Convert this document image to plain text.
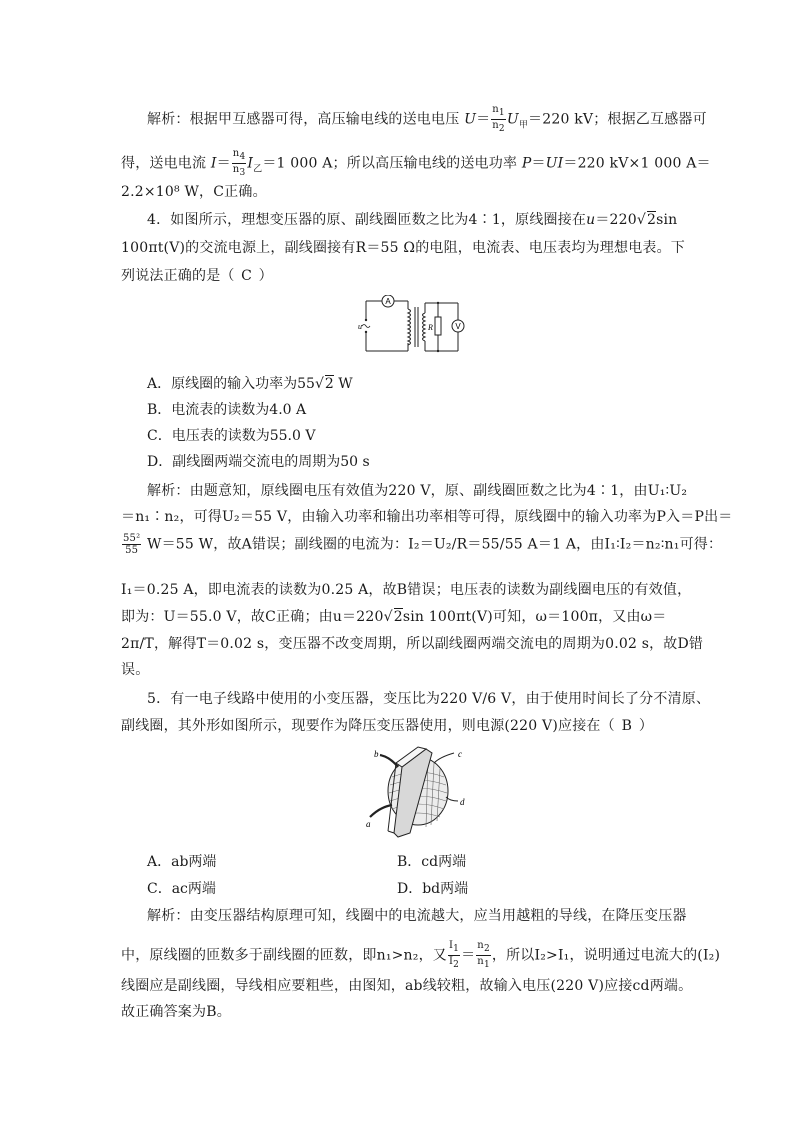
解析：根据甲互感器可得，高压输电线的送电电压 $U= \frac{n1}{n2} U_甲=220$ kV；根据乙互感器可
得，送电电流 $I= \frac{n4}{n3} I_乙=1$ 000 A；所以高压输电线的送电功率 P＝UI＝220 kV×1 000 A＝
2.2×10⁸ W，C正确。
4．如图所示，理想变压器的原、副线圈匝数之比为4∶1，原线圈接在u＝220√2sin
100πt(V)的交流电源上，副线圈接有R＝55 Ω的电阻，电流表、电压表均为理想电表。下
列说法正确的是（ C ）
A
u	R	V
A．原线圈的输入功率为55√2 W
B．电流表的读数为4.0 A
C．电压表的读数为55.0 V
D．副线圈两端交流电的周期为50 s
解析：由题意知，原线圈电压有效值为220 V，原、副线圈匝数之比为4∶1，由U₁∶U₂
＝n₁∶n₂，可得U₂＝55 V，由输入功率和输出功率相等可得，原线圈中的输入功率为P入＝P出＝
$\frac{\text{55²}}{55} W=55$ W，故A错误；副线圈的电流为：I₂＝U₂/R＝55/55 A＝1 A，由I₁∶I₂＝n₂∶n₁可得：
I₁＝0.25 A，即电流表的读数为0.25 A，故B错误；电压表的读数为副线圈电压的有效值，
即为：U＝55.0 V，故C正确；由u＝220√2sin 100πt(V)可知，ω＝100π，又由ω＝
2π/T，解得T＝0.02 s，变压器不改变周期，所以副线圈两端交流电的周期为0.02 s，故D错
误。
5．有一电子线路中使用的小变压器，变压比为220 V/6 V，由于使用时间长了分不清原、
副线圈，其外形如图所示，现要作为降压变压器使用，则电源(220 V)应接在（ B ）
b	c
d
a
A．ab两端	B．cd两端
C．ac两端	D．bd两端
解析：由变压器结构原理可知，线圈中的电流越大，应当用越粗的导线，在降压变压器
中，原线圈的匝数多于副线圈的匝数，即n₁>n₂，又 $\frac{I1}{I2} = \frac{n2}{n1}$ ，所以I₂>I₁，说明通过电流大的(I₂)
线圈应是副线圈，导线相应要粗些，由图知，ab线较粗，故输入电压(220 V)应接cd两端。
故正确答案为B。
